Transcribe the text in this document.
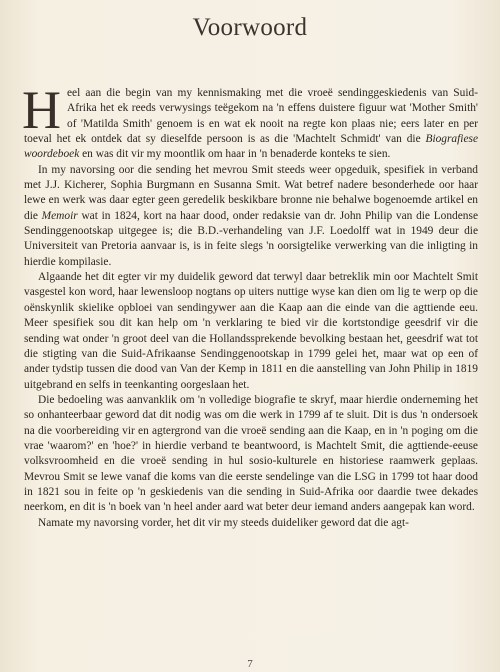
Voorwoord

Heel aan die begin van my kennismaking met die vroeë sendinggeskiedenis van Suid-Afrika het ek reeds verwysings teëgekom na 'n effens duistere figuur wat 'Mother Smith' of 'Matilda Smith' genoem is en wat ek nooit na regte kon plaas nie; eers later en per toeval het ek ontdek dat sy dieselfde persoon is as die 'Machtelt Schmidt' van die Biografiese woordeboek en was dit vir my moontlik om haar in 'n benaderde konteks te sien.

In my navorsing oor die sending het mevrou Smit steeds weer opgeduik, spesifiek in verband met J.J. Kicherer, Sophia Burgmann en Susanna Smit. Wat betref nadere besonderhede oor haar lewe en werk was daar egter geen geredelik beskikbare bronne nie behalwe bogenoemde artikel en die Memoir wat in 1824, kort na haar dood, onder redaksie van dr. John Philip van die Londense Sendinggenootskap uitgegee is; die B.D.-verhandeling van J.F. Loedolff wat in 1949 deur die Universiteit van Pretoria aanvaar is, is in feite slegs 'n oorsigtelike verwerking van die inligting in hierdie kompilasie.

Algaande het dit egter vir my duidelik geword dat terwyl daar betreklik min oor Machtelt Smit vasgestel kon word, haar lewensloop nogtans op uiters nuttige wyse kan dien om lig te werp op die oënskynlik skielike opbloei van sendingywer aan die Kaap aan die einde van die agttiende eeu. Meer spesifiek sou dit kan help om 'n verklaring te bied vir die kortstondige geesdrif vir die sending wat onder 'n groot deel van die Hollandssprekende bevolking bestaan het, geesdrif wat tot die stigting van die Suid-Afrikaanse Sendinggenootskap in 1799 gelei het, maar wat op een of ander tydstip tussen die dood van Van der Kemp in 1811 en die aanstelling van John Philip in 1819 uitgebrand en selfs in teenkanting oorgeslaan het.

Die bedoeling was aanvanklik om 'n volledige biografie te skryf, maar hierdie onderneming het so onhanteerbaar geword dat dit nodig was om die werk in 1799 af te sluit. Dit is dus 'n ondersoek na die voorbereiding vir en agtergrond van die vroeë sending aan die Kaap, en in 'n poging om die vrae 'waarom?' en 'hoe?' in hierdie verband te beantwoord, is Machtelt Smit, die agttiende-eeuse volksvroomheid en die vroeë sending in hul sosio-kulturele en historiese raamwerk geplaas. Mevrou Smit se lewe vanaf die koms van die eerste sendelinge van die LSG in 1799 tot haar dood in 1821 sou in feite op 'n geskiedenis van die sending in Suid-Afrika oor daardie twee dekades neerkom, en dit is 'n boek van 'n heel ander aard wat beter deur iemand anders aangepak kan word.

Namate my navorsing vorder, het dit vir my steeds duideliker geword dat die agt-

7
